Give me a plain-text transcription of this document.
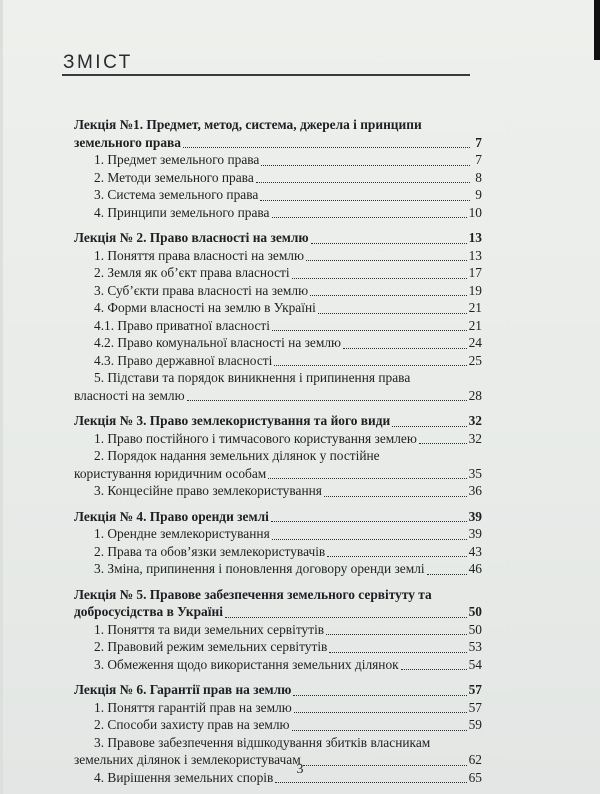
ЗМІСТ
Лекція №1. Предмет, метод, система, джерела і принципи
земельного права	7
1. Предмет земельного права	7
2. Методи земельного права	8
3. Система земельного права	9
4. Принципи земельного права	10
Лекція № 2. Право власності на землю	13
1. Поняття права власності на землю	13
2. Земля як об’єкт права власності	17
3. Суб’єкти права власності на землю	19
4. Форми власності на землю в Україні	21
4.1. Право приватної власності	21
4.2. Право комунальної власності на землю	24
4.3. Право державної власності	25
5. Підстави та порядок виникнення і припинення права
власності на землю	28
Лекція № 3. Право землекористування та його види	32
1. Право постійного і тимчасового користування землею	32
2. Порядок надання земельних ділянок у постійне
користування юридичним особам	35
3. Концесійне право землекористування	36
Лекція № 4. Право оренди землі	39
1. Орендне землекористування	39
2. Права та обов’язки землекористувачів	43
3. Зміна, припинення і поновлення договору оренди землі	46
Лекція № 5. Правове забезпечення земельного сервітуту та
добросусідства в Україні	50
1. Поняття та види земельних сервітутів	50
2. Правовий режим земельних сервітутів	53
3. Обмеження щодо використання земельних ділянок	54
Лекція № 6. Гарантії прав на землю	57
1. Поняття гарантій прав на землю	57
2. Способи захисту прав на землю	59
3. Правове забезпечення відшкодування збитків власникам
земельних ділянок і землекористувачам	62
4. Вирішення земельних спорів	65
3
